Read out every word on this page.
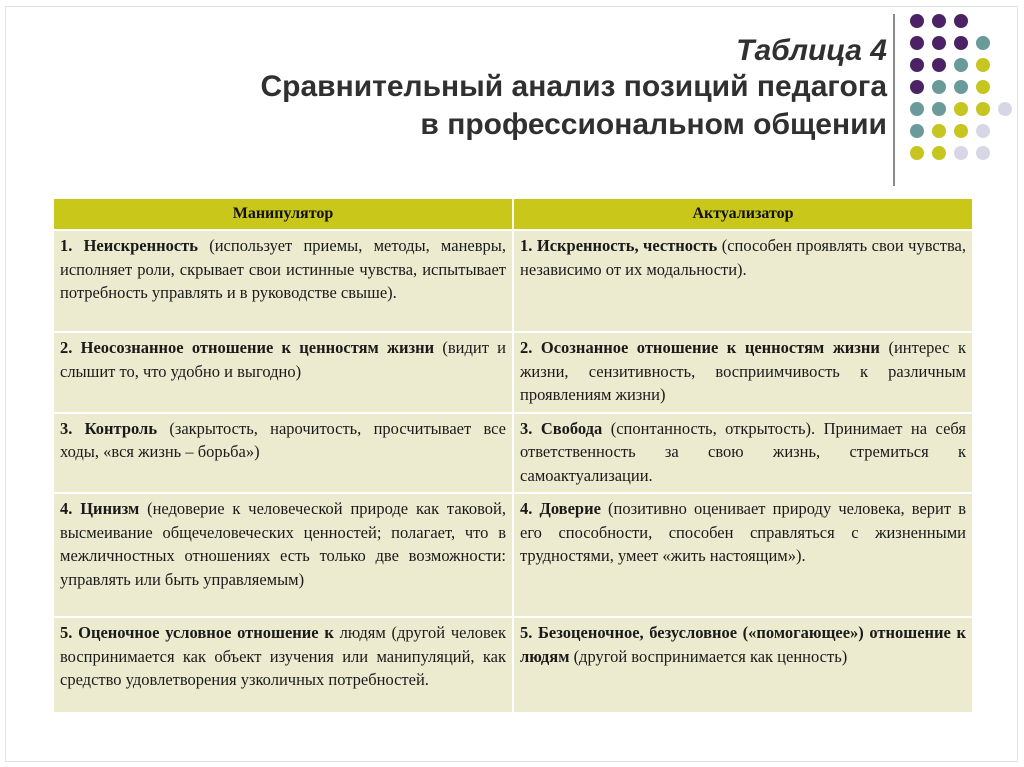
Таблица 4
Сравнительный анализ позиций педагога
в профессиональном общении
Манипулятор	Актуализатор
1. Неискренность (использует приемы, методы, маневры, исполняет роли, скрывает свои истинные чувства, испытывает потребность управлять и в руководстве свыше).	1. Искренность, честность (способен проявлять свои чувства, независимо от их модальности).
2. Неосознанное отношение к ценностям жизни (видит и слышит то, что удобно и выгодно)	2. Осознанное отношение к ценностям жизни (интерес к жизни, сензитивность, восприимчивость к различным проявлениям жизни)
3. Контроль (закрытость, нарочитость, просчитывает все ходы, «вся жизнь – борьба»)	3. Свобода (спонтанность, открытость). Принимает на себя ответственность за свою жизнь, стремиться к самоактуализации.
4. Цинизм (недоверие к человеческой природе как таковой, высмеивание общечеловеческих ценностей; полагает, что в межличностных отношениях есть только две возможности: управлять или быть управляемым)	4. Доверие (позитивно оценивает природу человека, верит в его способности, способен справляться с жизненными трудностями, умеет «жить настоящим»).
5. Оценочное условное отношение к людям (другой человек воспринимается как объект изучения или манипуляций, как средство удовлетворения узколичных потребностей.	5. Безоценочное, безусловное («помогающее») отношение к людям (другой воспринимается как ценность)
